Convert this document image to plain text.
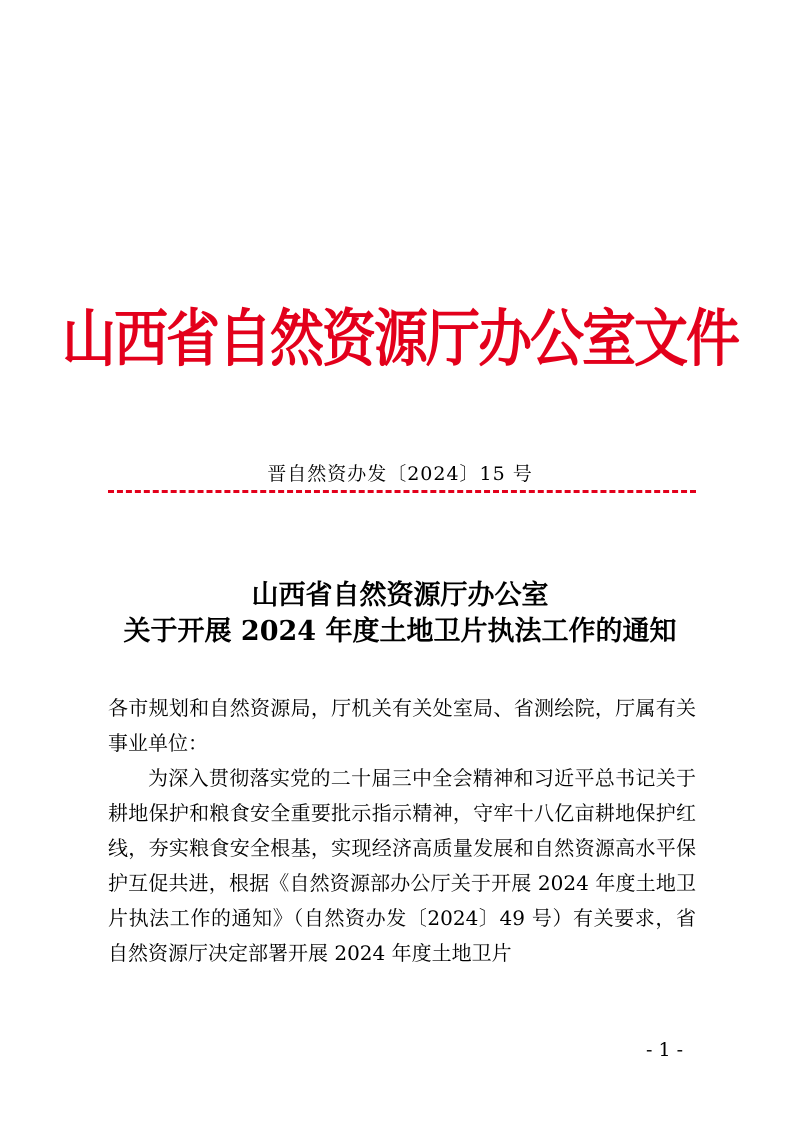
山西省自然资源厅办公室文件
晋自然资办发〔2024〕15 号
山西省自然资源厅办公室
关于开展 2024 年度土地卫片执法工作的通知

各市规划和自然资源局，厅机关有关处室局、省测绘院，厅属有关事业单位：

为深入贯彻落实党的二十届三中全会精神和习近平总书记关于耕地保护和粮食安全重要批示指示精神，守牢十八亿亩耕地保护红线，夯实粮食安全根基，实现经济高质量发展和自然资源高水平保护互促共进，根据《自然资源部办公厅关于开展 2024 年度土地卫片执法工作的通知》（自然资办发〔2024〕49 号）有关要求，省自然资源厅决定部署开展 2024 年度土地卫片

- 1 -
